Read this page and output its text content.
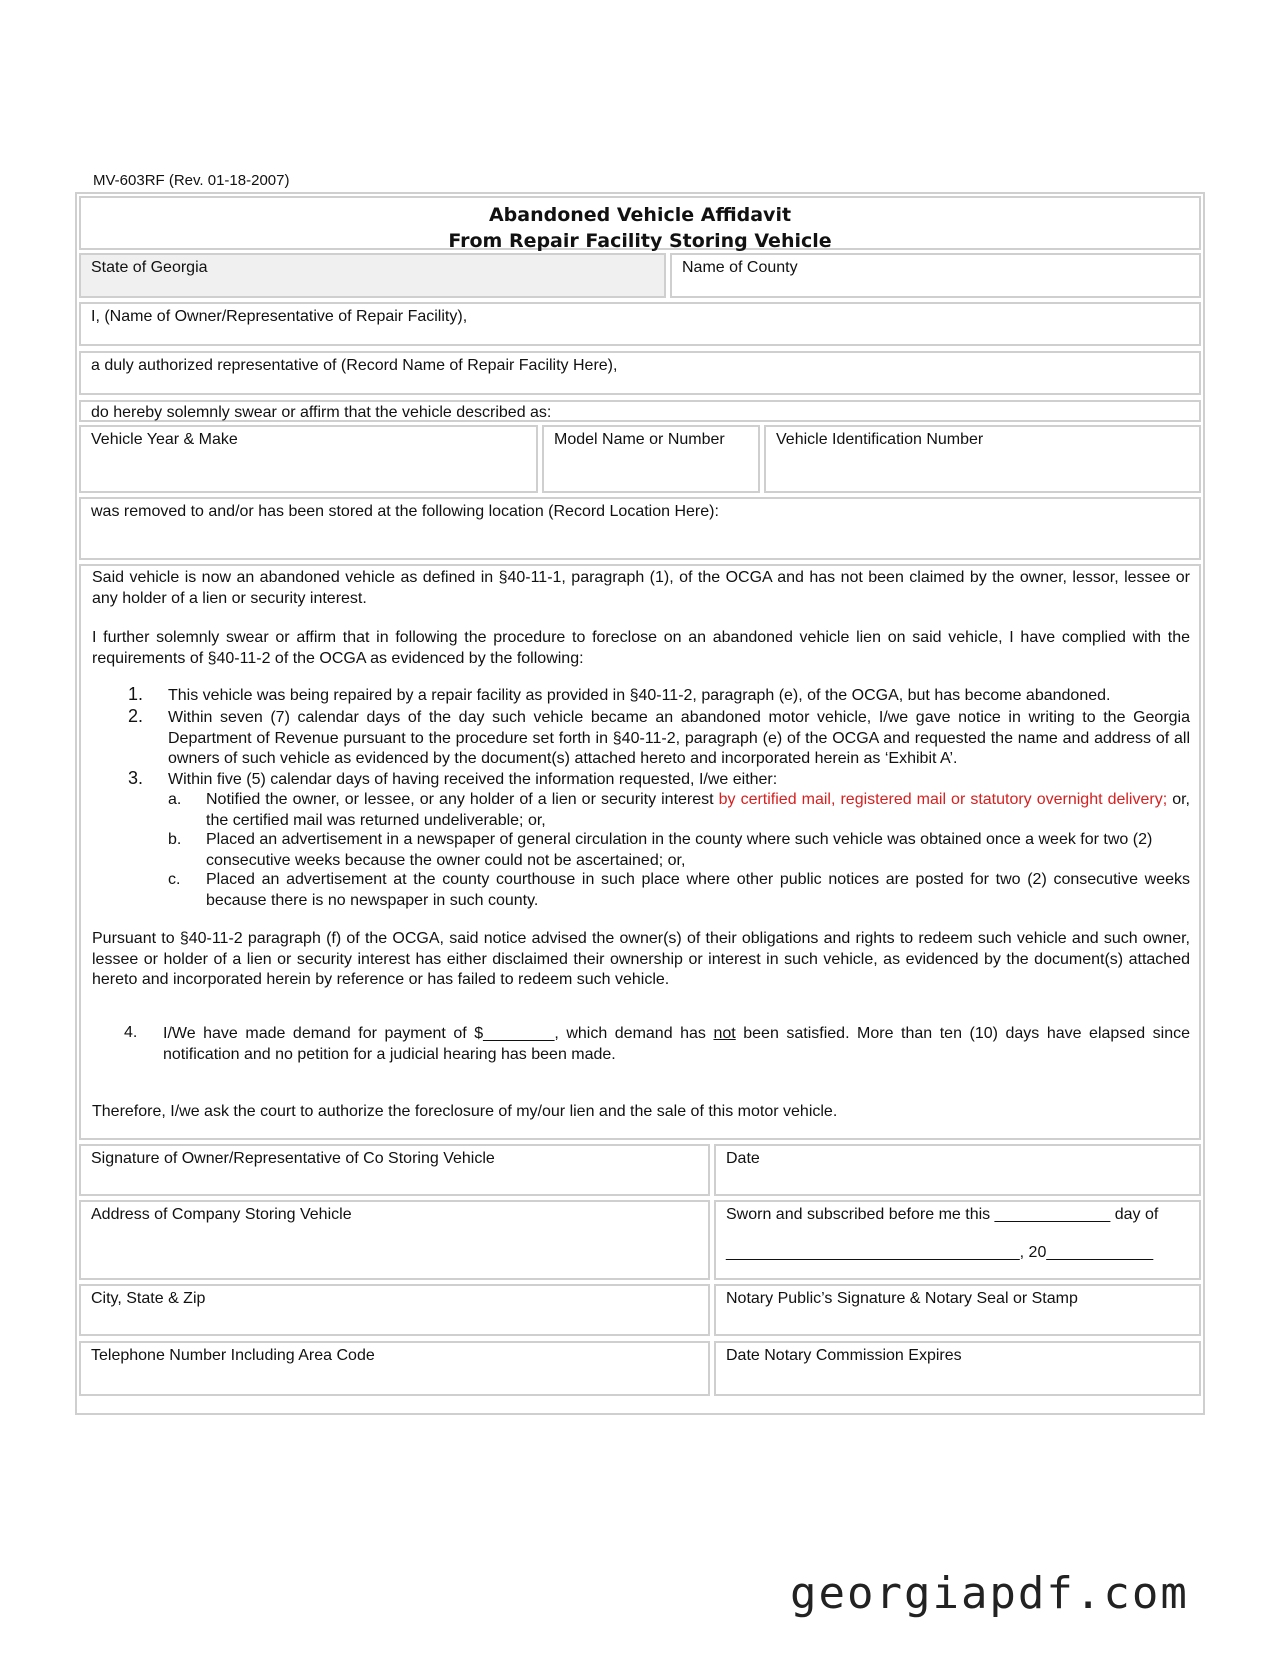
MV-603RF (Rev. 01-18-2007)
Abandoned Vehicle Affidavit
From Repair Facility Storing Vehicle
State of Georgia	Name of County
I, (Name of Owner/Representative of Repair Facility),
a duly authorized representative of (Record Name of Repair Facility Here),
do hereby solemnly swear or affirm that the vehicle described as:
Vehicle Year & Make	Model Name or Number	Vehicle Identification Number
was removed to and/or has been stored at the following location (Record Location Here):
Said vehicle is now an abandoned vehicle as defined in §40-11-1, paragraph (1), of the OCGA and has not been claimed by the owner, lessor, lessee or any holder of a lien or security interest.
I further solemnly swear or affirm that in following the procedure to foreclose on an abandoned vehicle lien on said vehicle, I have complied with the requirements of §40-11-2 of the OCGA as evidenced by the following:
1. This vehicle was being repaired by a repair facility as provided in §40-11-2, paragraph (e), of the OCGA, but has become abandoned.
2. Within seven (7) calendar days of the day such vehicle became an abandoned motor vehicle, I/we gave notice in writing to the Georgia Department of Revenue pursuant to the procedure set forth in §40-11-2, paragraph (e) of the OCGA and requested the name and address of all owners of such vehicle as evidenced by the document(s) attached hereto and incorporated herein as ‘Exhibit A’.
3. Within five (5) calendar days of having received the information requested, I/we either:
a. Notified the owner, or lessee, or any holder of a lien or security interest by certified mail, registered mail or statutory overnight delivery; or, the certified mail was returned undeliverable; or,
b. Placed an advertisement in a newspaper of general circulation in the county where such vehicle was obtained once a week for two (2) consecutive weeks because the owner could not be ascertained; or,
c. Placed an advertisement at the county courthouse in such place where other public notices are posted for two (2) consecutive weeks because there is no newspaper in such county.
Pursuant to §40-11-2 paragraph (f) of the OCGA, said notice advised the owner(s) of their obligations and rights to redeem such vehicle and such owner, lessee or holder of a lien or security interest has either disclaimed their ownership or interest in such vehicle, as evidenced by the document(s) attached hereto and incorporated herein by reference or has failed to redeem such vehicle.
4. I/We have made demand for payment of $________, which demand has not been satisfied. More than ten (10) days have elapsed since notification and no petition for a judicial hearing has been made.
Therefore, I/we ask the court to authorize the foreclosure of my/our lien and the sale of this motor vehicle.
Signature of Owner/Representative of Co Storing Vehicle	Date
Address of Company Storing Vehicle	Sworn and subscribed before me this _____________ day of
_________________________________, 20____________
City, State & Zip	Notary Public’s Signature & Notary Seal or Stamp
Telephone Number Including Area Code	Date Notary Commission Expires
georgiapdf.com
